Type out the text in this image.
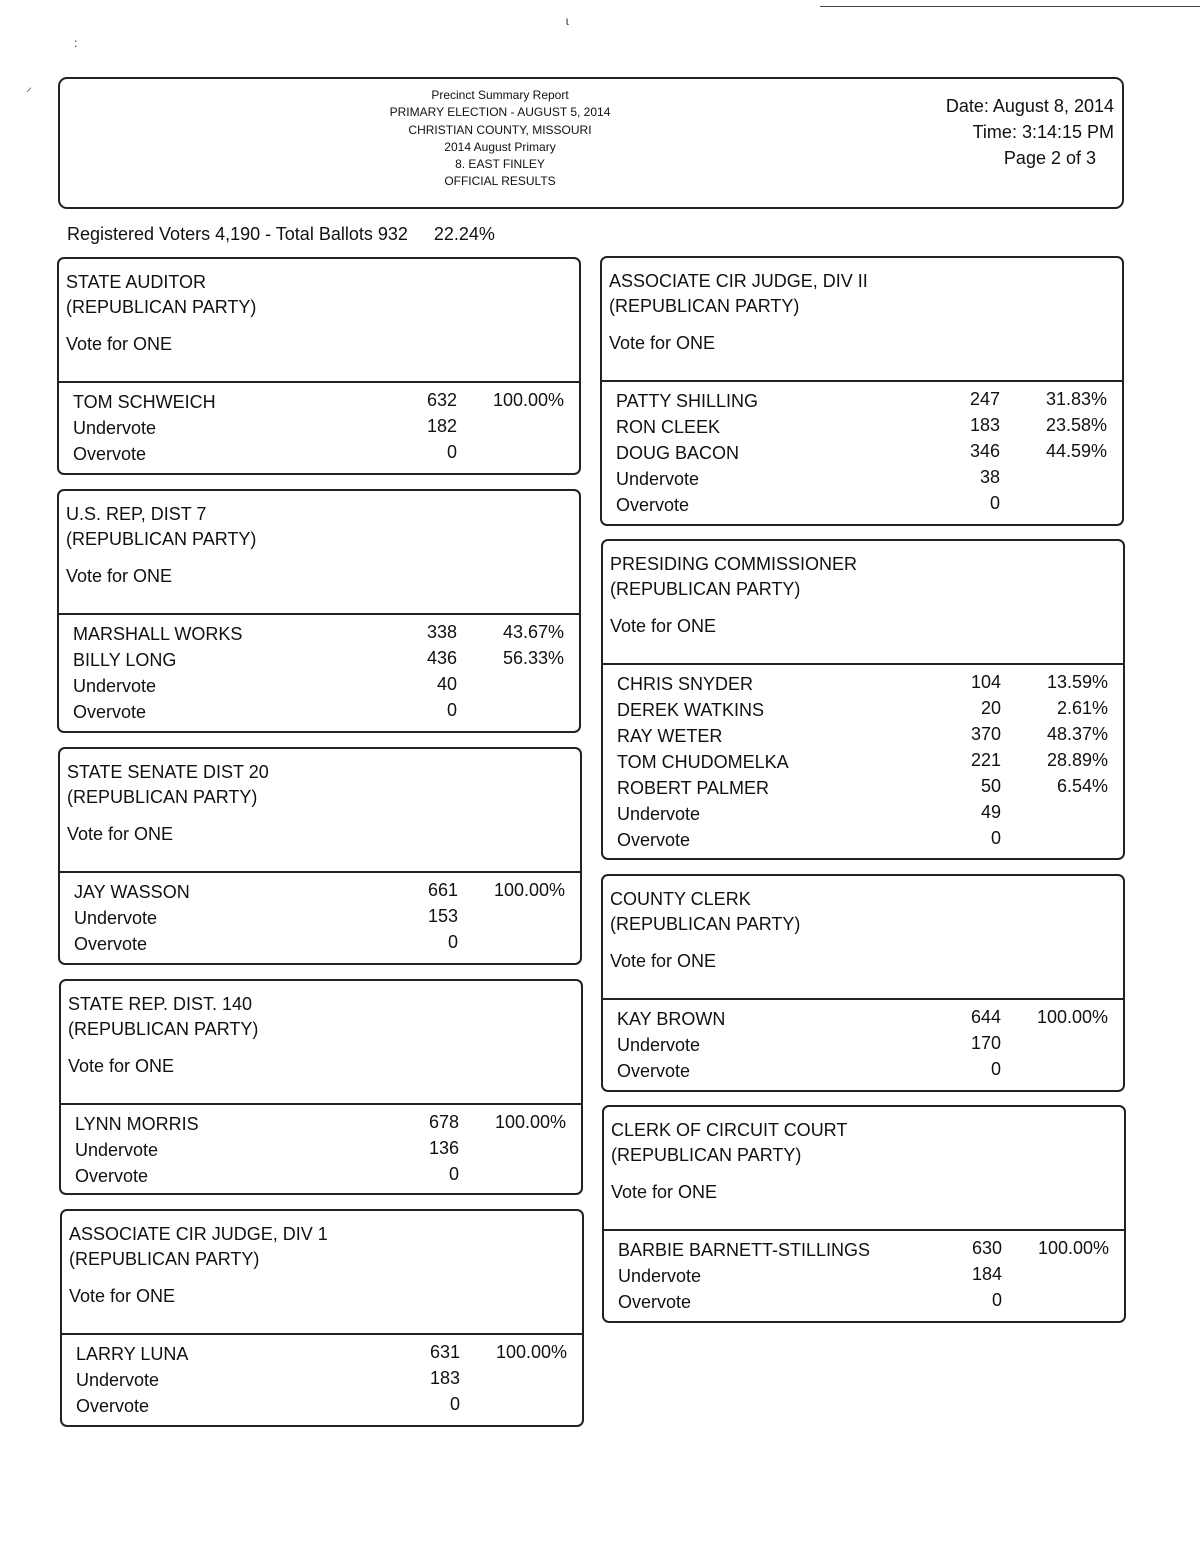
ɩ
:
⸝
Precinct Summary Report
PRIMARY ELECTION - AUGUST 5, 2014
CHRISTIAN COUNTY, MISSOURI
2014 August Primary
8. EAST FINLEY
OFFICIAL RESULTS
Date: August 8, 2014
Time: 3:14:15 PM
Page 2 of 3
Registered Voters 4,190 - Total Ballots 932 22.24%
STATE AUDITOR
(REPUBLICAN PARTY)
Vote for ONE
TOM SCHWEICH	632 100.00%
Undervote	182
Overvote	0
U.S. REP, DIST 7
(REPUBLICAN PARTY)
Vote for ONE
MARSHALL WORKS	338	43.67%
BILLY LONG	436	56.33%
Undervote	40
Overvote	0
STATE SENATE DIST 20
(REPUBLICAN PARTY)
Vote for ONE
JAY WASSON	661 100.00%
Undervote	153
Overvote	0
STATE REP. DIST. 140
(REPUBLICAN PARTY)
Vote for ONE
LYNN MORRIS	678 100.00%
Undervote	136
Overvote	0
ASSOCIATE CIR JUDGE, DIV 1
(REPUBLICAN PARTY)
Vote for ONE
LARRY LUNA	631 100.00%
Undervote	183
Overvote	0
ASSOCIATE CIR JUDGE, DIV II
(REPUBLICAN PARTY)
Vote for ONE
PATTY SHILLING	247	31.83%
RON CLEEK	183	23.58%
DOUG BACON	346	44.59%
Undervote	38
Overvote	0
PRESIDING COMMISSIONER
(REPUBLICAN PARTY)
Vote for ONE
CHRIS SNYDER	104	13.59%
DEREK WATKINS	20	2.61%
RAY WETER	370	48.37%
TOM CHUDOMELKA	221	28.89%
ROBERT PALMER	50	6.54%
Undervote	49
Overvote	0
COUNTY CLERK
(REPUBLICAN PARTY)
Vote for ONE
KAY BROWN	644 100.00%
Undervote	170
Overvote	0
CLERK OF CIRCUIT COURT
(REPUBLICAN PARTY)
Vote for ONE
BARBIE BARNETT-STILLINGS	630 100.00%
Undervote	184
Overvote	0
